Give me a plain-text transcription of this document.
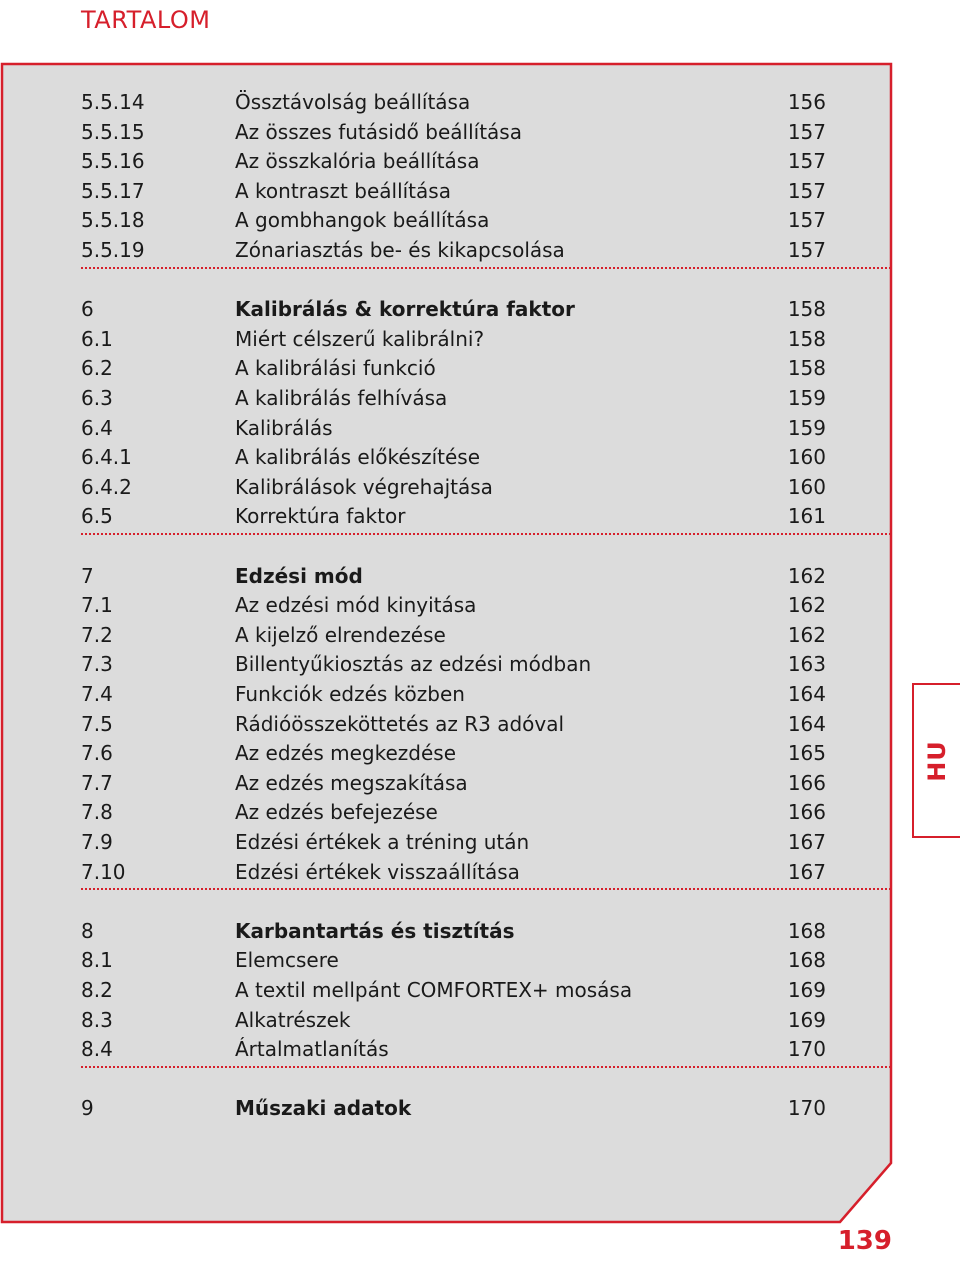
TARTALOM
5.5.14	Össztávolság beállítása	156
5.5.15	Az összes futásidő beállítása	157
5.5.16	Az összkalória beállítása	157
5.5.17	A kontraszt beállítása	157
5.5.18	A gombhangok beállítása	157
5.5.19	Zónariasztás be- és kikapcsolása	157
6	Kalibrálás & korrektúra faktor	158
6.1	Miért célszerű kalibrálni?	158
6.2	A kalibrálási funkció	158
6.3	A kalibrálás felhívása	159
6.4	Kalibrálás	159
6.4.1	A kalibrálás előkészítése	160
6.4.2	Kalibrálások végrehajtása	160
6.5	Korrektúra faktor	161
7	Edzési mód	162
7.1	Az edzési mód kinyitása	162
7.2	A kijelző elrendezése	162
7.3	Billentyűkiosztás az edzési módban	163
7.4	Funkciók edzés közben	164
7.5	Rádióösszeköttetés az R3 adóval	164
7.6	Az edzés megkezdése	165
7.7	Az edzés megszakítása	166
7.8	Az edzés befejezése	166
7.9	Edzési értékek a tréning után	167
7.10	Edzési értékek visszaállítása	167
8	Karbantartás és tisztítás	168
8.1	Elemcsere	168
8.2	A textil mellpánt COMFORTEX+ mosása	169
8.3	Alkatrészek	169
8.4	Ártalmatlanítás	170
9	Műszaki adatok	170
HU
139
